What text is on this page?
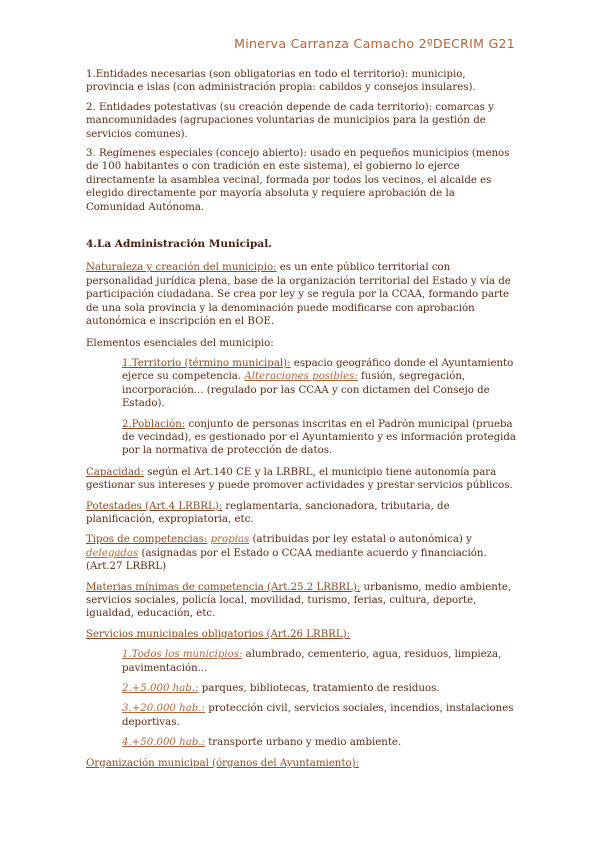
Minerva Carranza Camacho 2ºDECRIM G21

1.Entidades necesarias (son obligatorias en todo el territorio): municipio, provincia e islas (con administración propia: cabildos y consejos insulares).

2. Entidades potestativas (su creación depende de cada territorio): comarcas y mancomunidades (agrupaciones voluntarias de municipios para la gestión de servicios comunes).

3. Regímenes especiales (concejo abierto): usado en pequeños municipios (menos de 100 habitantes o con tradición en este sistema), el gobierno lo ejerce directamente la asamblea vecinal, formada por todos los vecinos, el alcalde es elegido directamente por mayoría absoluta y requiere aprobación de la Comunidad Autónoma.

4.La Administración Municipal.

Naturaleza y creación del municipio: es un ente público territorial con personalidad jurídica plena, base de la organización territorial del Estado y vía de participación ciudadana. Se crea por ley y se regula por la CCAA, formando parte de una sola provincia y la denominación puede modificarse con aprobación autonómica e inscripción en el BOE.

Elementos esenciales del municipio:

1.Territorio (término municipal): espacio geográfico donde el Ayuntamiento ejerce su competencia. Alteraciones posibles: fusión, segregación, incorporación... (regulado por las CCAA y con dictamen del Consejo de Estado).

2.Población: conjunto de personas inscritas en el Padrón municipal (prueba de vecindad), es gestionado por el Ayuntamiento y es información protegida por la normativa de protección de datos.

Capacidad: según el Art.140 CE y la LRBRL, el municipio tiene autonomía para gestionar sus intereses y puede promover actividades y prestar servicios públicos.

Potestades (Art.4 LRBRL): reglamentaria, sancionadora, tributaria, de planificación, expropiatoria, etc.

Tipos de competencias: propias (atribuidas por ley estatal o autonómica) y delegadas (asignadas por el Estado o CCAA mediante acuerdo y financiación. (Art.27 LRBRL)

Materias mínimas de competencia (Art.25.2 LRBRL): urbanismo, medio ambiente, servicios sociales, policía local, movilidad, turismo, ferias, cultura, deporte, igualdad, educación, etc.

Servicios municipales obligatorios (Art.26 LRBRL):

1.Todos los municipios: alumbrado, cementerio, agua, residuos, limpieza, pavimentación...

2.+5.000 hab.: parques, bibliotecas, tratamiento de residuos.

3.+20.000 hab.: protección civil, servicios sociales, incendios, instalaciones deportivas.

4.+50.000 hab.: transporte urbano y medio ambiente.

Organización municipal (órganos del Ayuntamiento):
